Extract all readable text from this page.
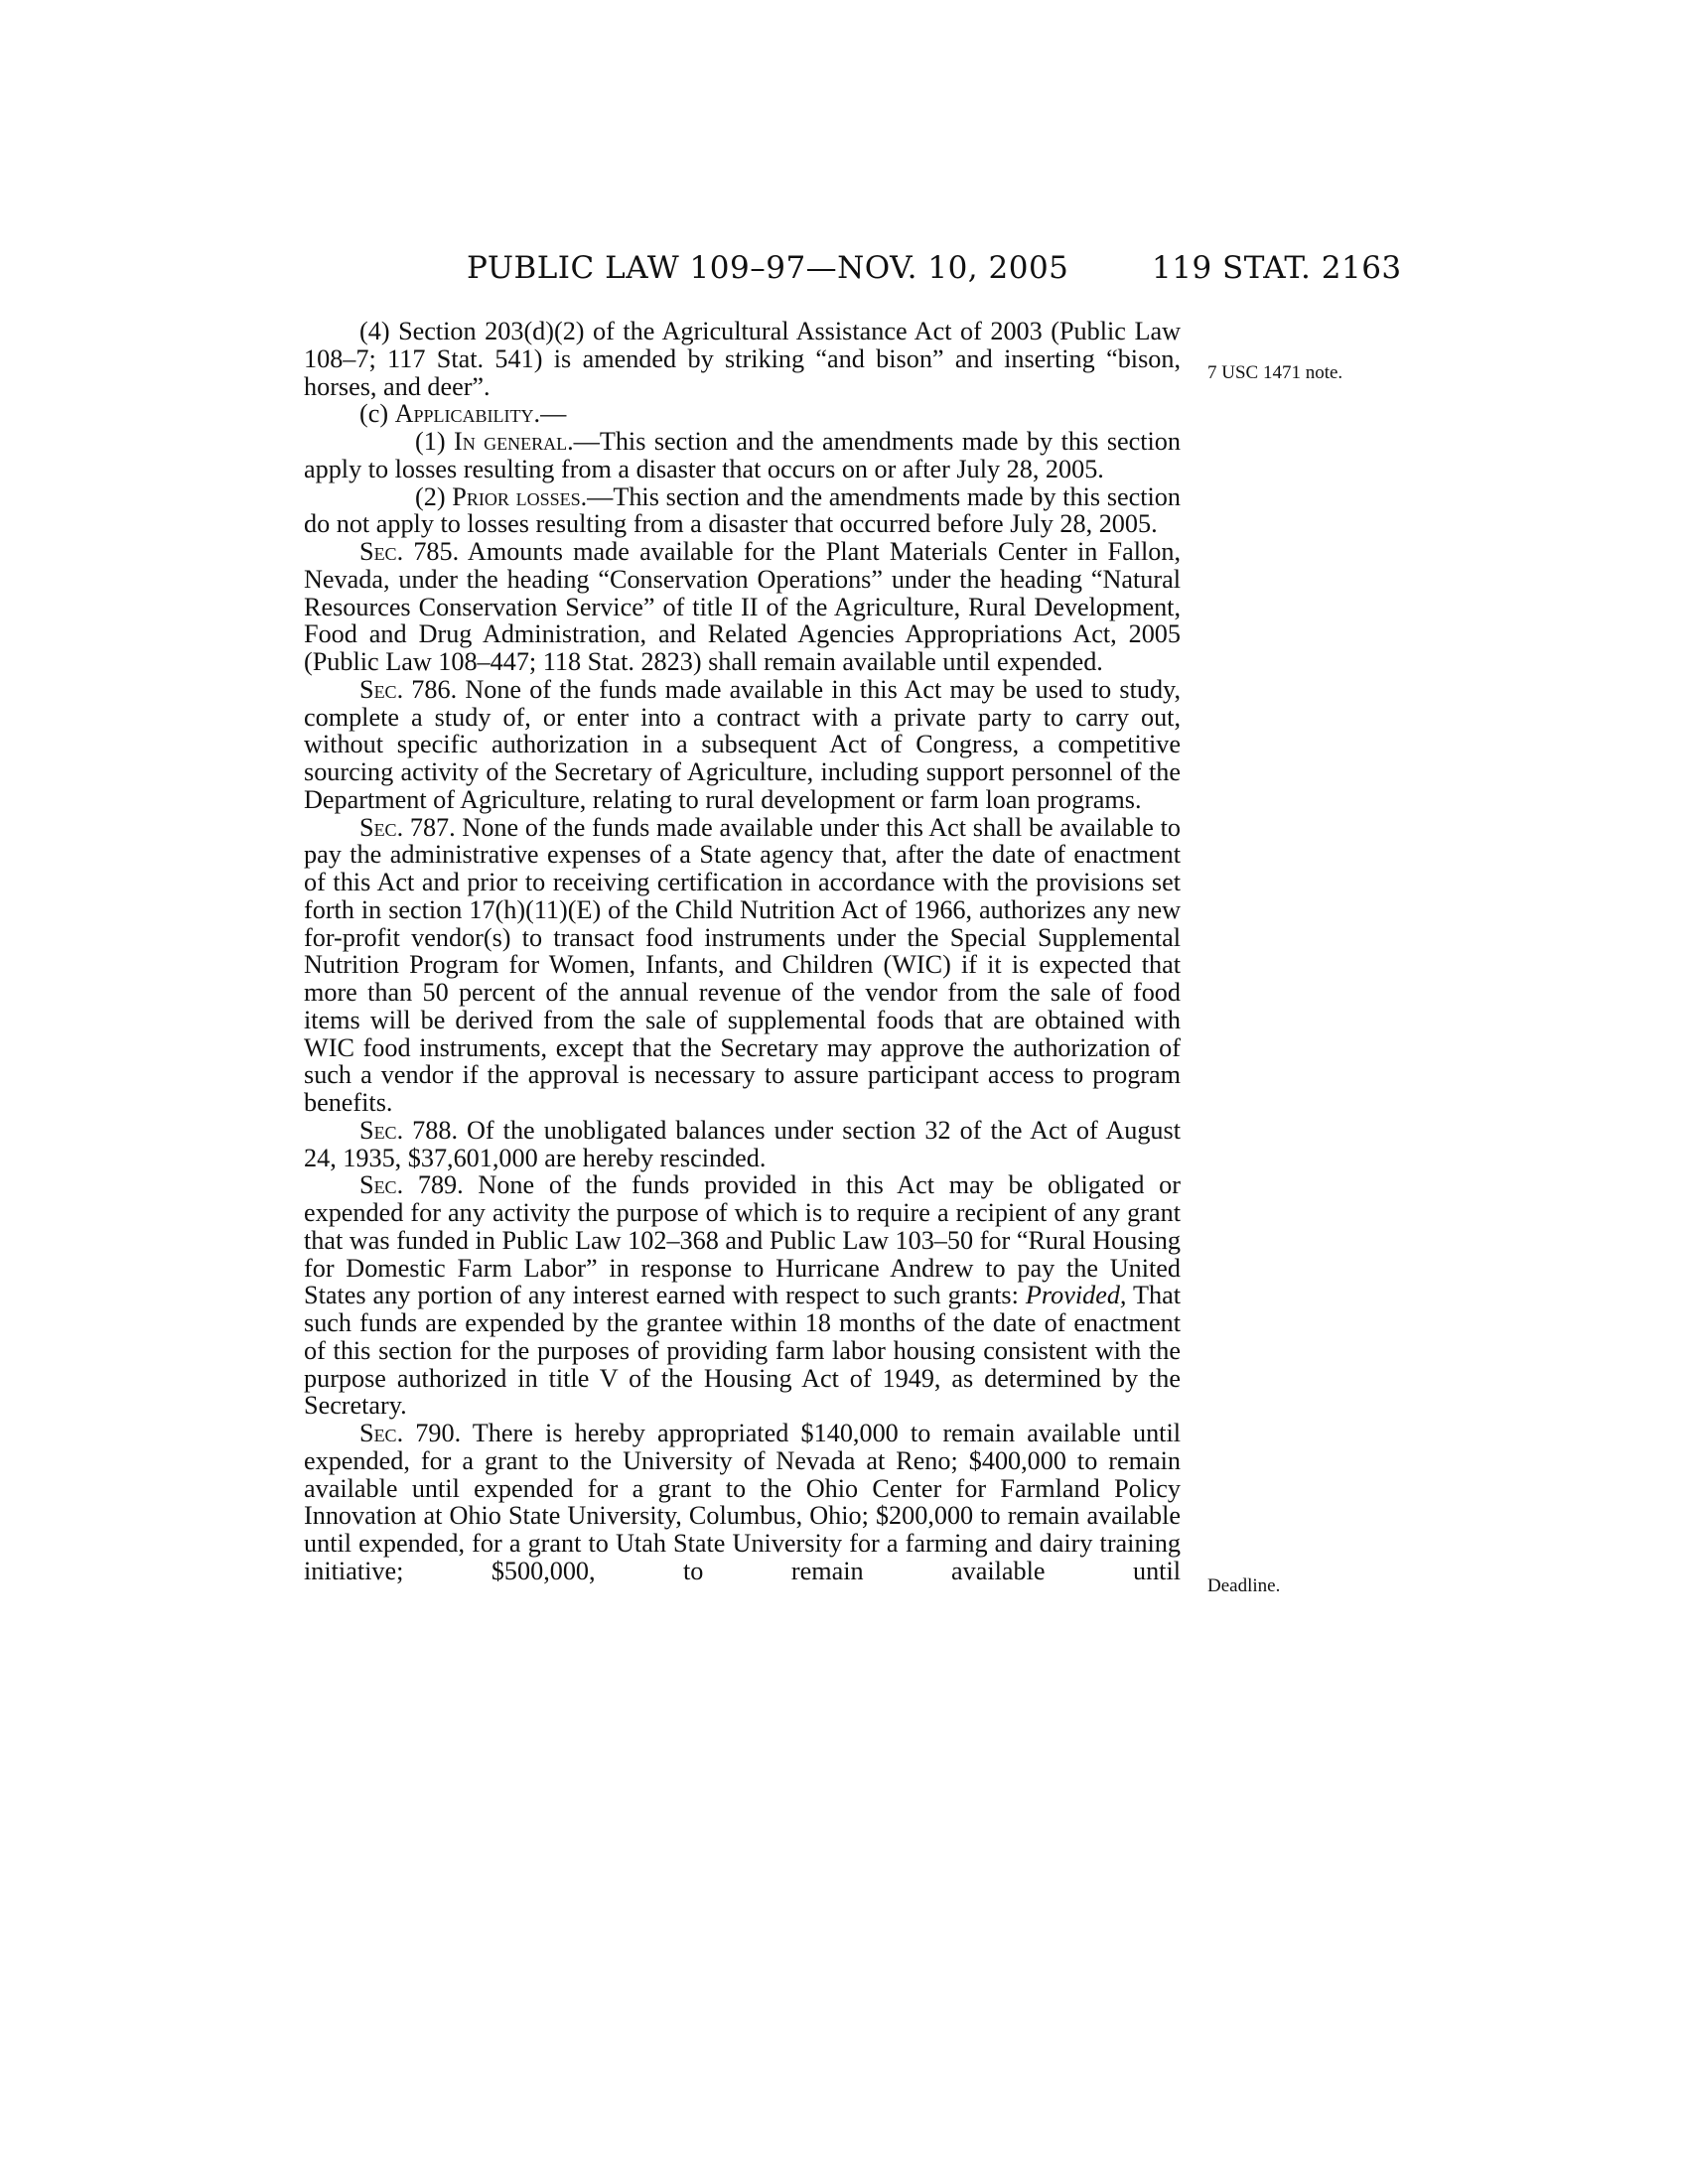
PUBLIC LAW 109–97—NOV. 10, 2005	119 STAT. 2163
7 USC 1471 note.
Deadline.

(4) Section 203(d)(2) of the Agricultural Assistance Act of 2003 (Public Law 108–7; 117 Stat. 541) is amended by striking “and bison” and inserting “bison, horses, and deer”.

(c) Applicability.—

(1) In general.—This section and the amendments made by this section apply to losses resulting from a disaster that occurs on or after July 28, 2005.

(2) Prior losses.—This section and the amendments made by this section do not apply to losses resulting from a disaster that occurred before July 28, 2005.

Sec. 785. Amounts made available for the Plant Materials Center in Fallon, Nevada, under the heading “Conservation Operations” under the heading “Natural Resources Conservation Service” of title II of the Agriculture, Rural Development, Food and Drug Administration, and Related Agencies Appropriations Act, 2005 (Public Law 108–447; 118 Stat. 2823) shall remain available until expended.

Sec. 786. None of the funds made available in this Act may be used to study, complete a study of, or enter into a contract with a private party to carry out, without specific authorization in a subsequent Act of Congress, a competitive sourcing activity of the Secretary of Agriculture, including support personnel of the Department of Agriculture, relating to rural development or farm loan programs.

Sec. 787. None of the funds made available under this Act shall be available to pay the administrative expenses of a State agency that, after the date of enactment of this Act and prior to receiving certification in accordance with the provisions set forth in section 17(h)(11)(E) of the Child Nutrition Act of 1966, authorizes any new for-profit vendor(s) to transact food instruments under the Special Supplemental Nutrition Program for Women, Infants, and Children (WIC) if it is expected that more than 50 percent of the annual revenue of the vendor from the sale of food items will be derived from the sale of supplemental foods that are obtained with WIC food instruments, except that the Secretary may approve the authorization of such a vendor if the approval is necessary to assure participant access to program benefits.

Sec. 788. Of the unobligated balances under section 32 of the Act of August 24, 1935, $37,601,000 are hereby rescinded.

Sec. 789. None of the funds provided in this Act may be obligated or expended for any activity the purpose of which is to require a recipient of any grant that was funded in Public Law 102–368 and Public Law 103–50 for “Rural Housing for Domestic Farm Labor” in response to Hurricane Andrew to pay the United States any portion of any interest earned with respect to such grants: Provided, That such funds are expended by the grantee within 18 months of the date of enactment of this section for the purposes of providing farm labor housing consistent with the purpose authorized in title V of the Housing Act of 1949, as determined by the Secretary.

Sec. 790. There is hereby appropriated $140,000 to remain available until expended, for a grant to the University of Nevada at Reno; $400,000 to remain available until expended for a grant to the Ohio Center for Farmland Policy Innovation at Ohio State University, Columbus, Ohio; $200,000 to remain available until expended, for a grant to Utah State University for a farming and dairy training initiative; $500,000, to remain available until
